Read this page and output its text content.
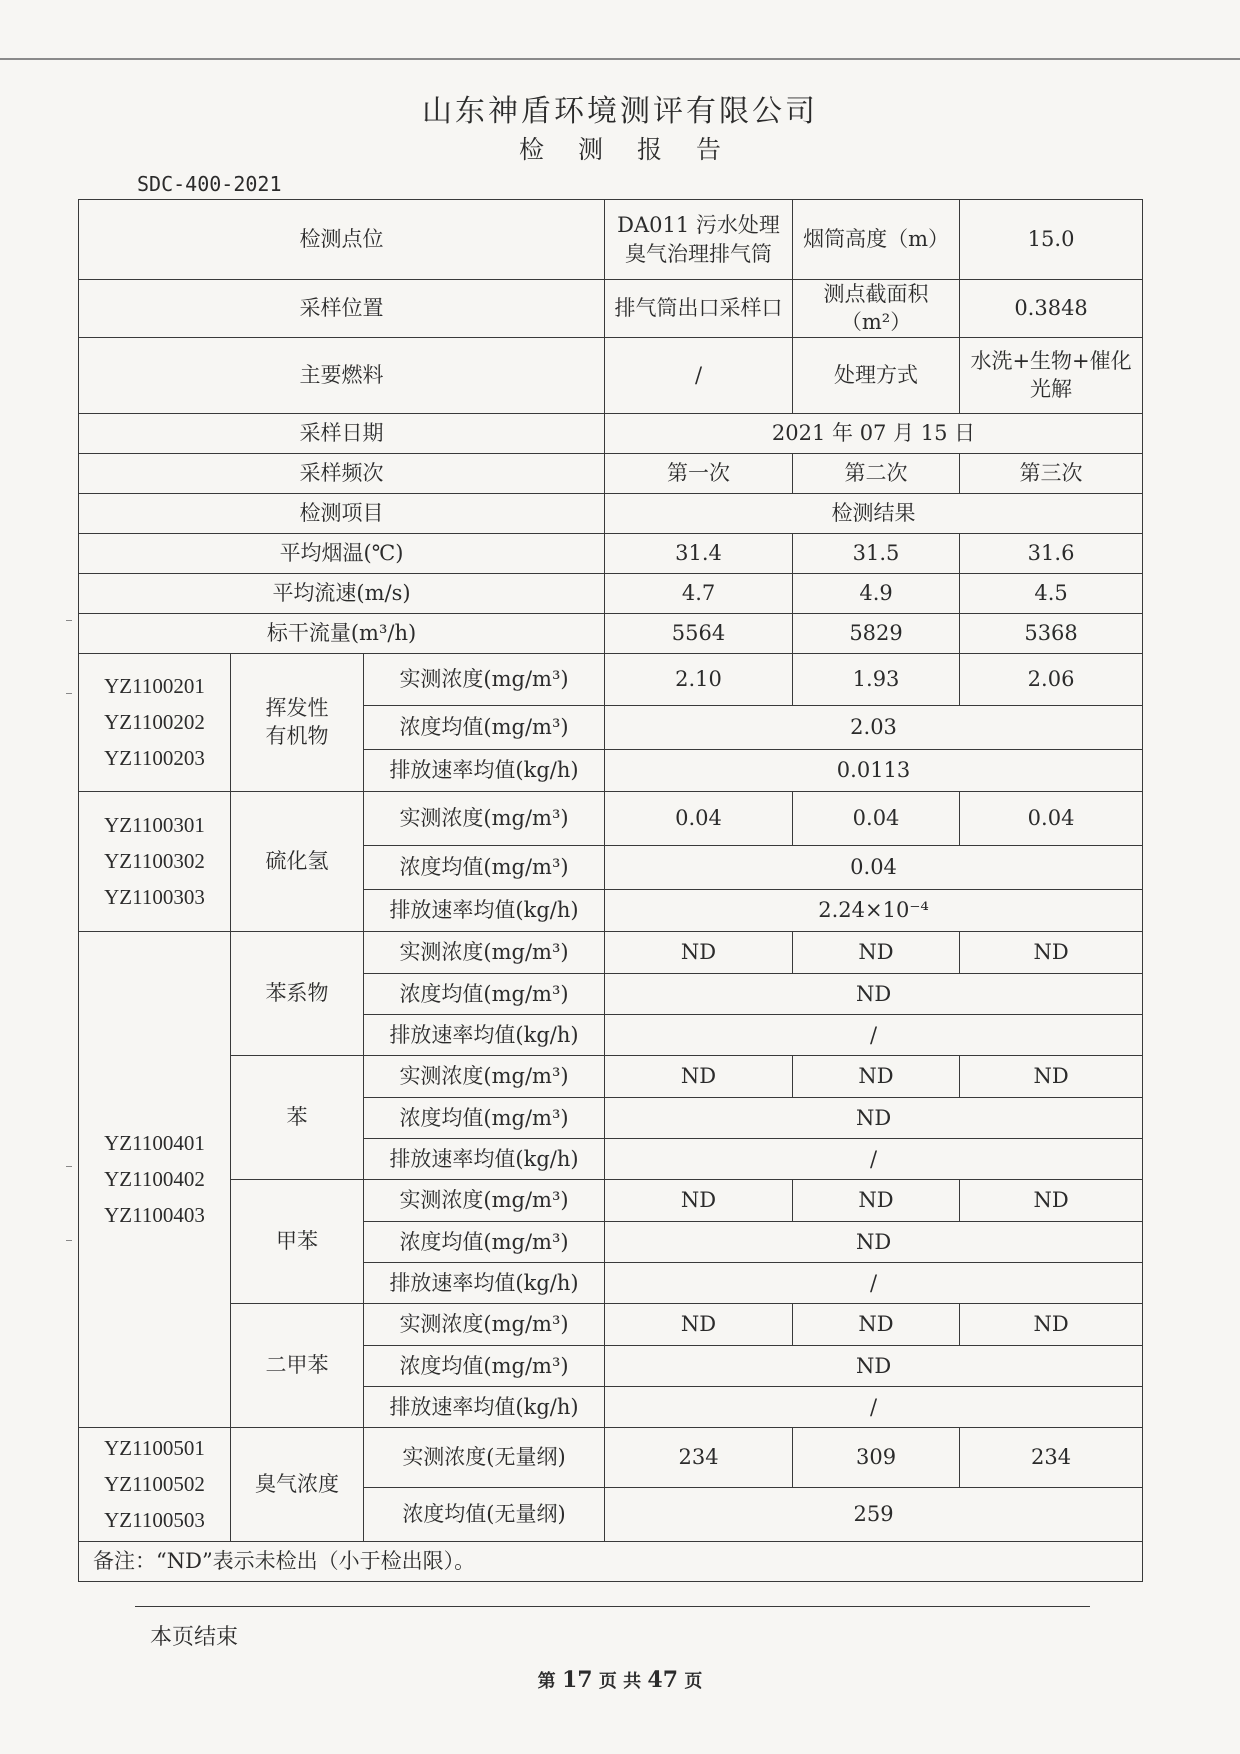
山东神盾环境测评有限公司
检测报告
SDC-400-2021
检测点位			DA011 污水处理臭气治理排气筒	烟筒高度（m）	15.0
采样位置			排气筒出口采样口	测点截面积（m²）	0.3848
主要燃料			/	处理方式	水洗+生物+催化光解
采样日期			2021 年 07 月 15 日		
采样频次			第一次	第二次	第三次
检测项目			检测结果		
平均烟温(℃)			31.4	31.5	31.6
平均流速(m/s)			4.7	4.9	4.5
标干流量(m³/h)			5564	5829	5368

YZ1100201
YZ1100202
YZ1100203	挥发性有机物	实测浓度(mg/m³)	2.10	1.93	2.06
		浓度均值(mg/m³)	2.03		
		排放速率均值(kg/h)	0.0113		

YZ1100301
YZ1100302
YZ1100303	硫化氢	实测浓度(mg/m³)	0.04	0.04	0.04
		浓度均值(mg/m³)	0.04		
		排放速率均值(kg/h)	2.24×10⁻⁴		

YZ1100401
YZ1100402
YZ1100403	苯系物	实测浓度(mg/m³)	ND	ND	ND
		浓度均值(mg/m³)	ND		
		排放速率均值(kg/h)	/		
	苯	实测浓度(mg/m³)	ND	ND	ND
		浓度均值(mg/m³)	ND		
		排放速率均值(kg/h)	/		
	甲苯	实测浓度(mg/m³)	ND	ND	ND
		浓度均值(mg/m³)	ND		
		排放速率均值(kg/h)	/		
	二甲苯	实测浓度(mg/m³)	ND	ND	ND
		浓度均值(mg/m³)	ND		
		排放速率均值(kg/h)	/		

YZ1100501
YZ1100502
YZ1100503	臭气浓度	实测浓度(无量纲)	234	309	234
		浓度均值(无量纲)	259		
备注：“ND”表示未检出（小于检出限）。					
本页结束
第 17 页 共 47 页
